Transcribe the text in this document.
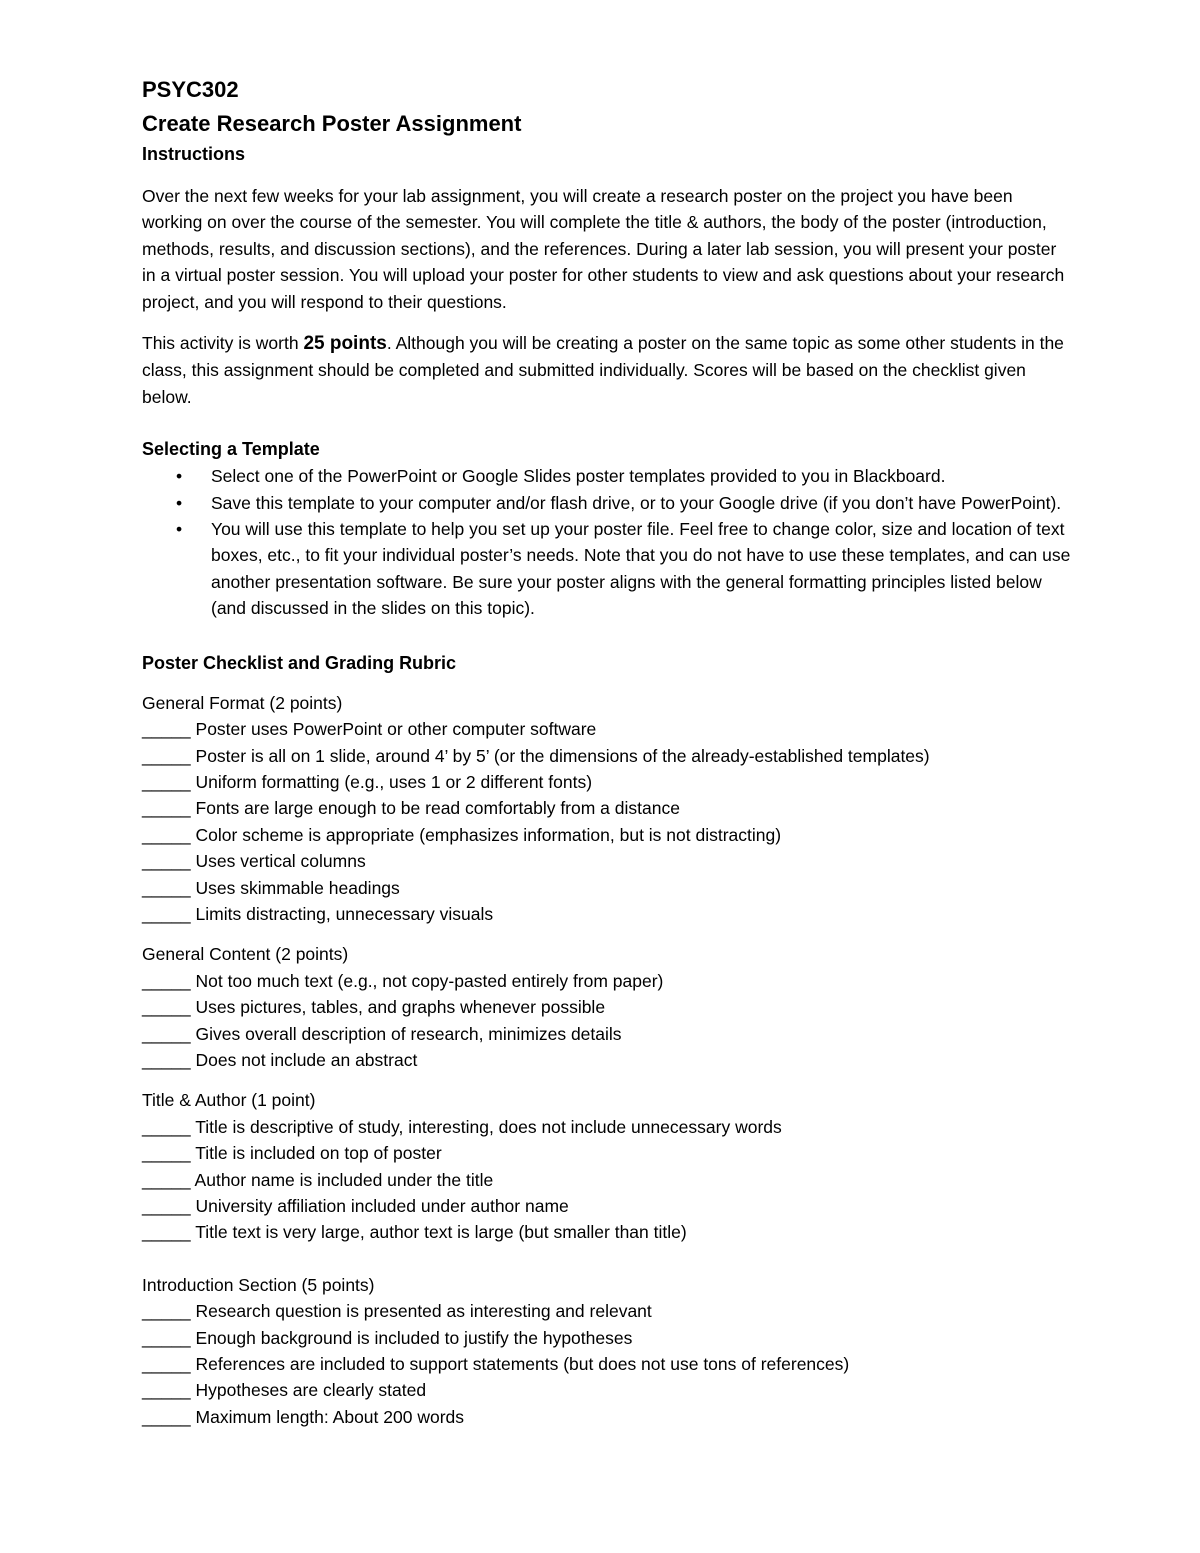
PSYC302
Create Research Poster Assignment
Instructions

Over the next few weeks for your lab assignment, you will create a research poster on the project you have been working on over the course of the semester. You will complete the title & authors, the body of the poster (introduction, methods, results, and discussion sections), and the references. During a later lab session, you will present your poster in a virtual poster session. You will upload your poster for other students to view and ask questions about your research project, and you will respond to their questions.

This activity is worth 25 points. Although you will be creating a poster on the same topic as some other students in the class, this assignment should be completed and submitted individually. Scores will be based on the checklist given below.

Selecting a Template
• Select one of the PowerPoint or Google Slides poster templates provided to you in Blackboard.
• Save this template to your computer and/or flash drive, or to your Google drive (if you don’t have PowerPoint).
• You will use this template to help you set up your poster file. Feel free to change color, size and location of text boxes, etc., to fit your individual poster’s needs. Note that you do not have to use these templates, and can use another presentation software. Be sure your poster aligns with the general formatting principles listed below (and discussed in the slides on this topic).
Poster Checklist and Grading Rubric

General Format (2 points)

_____ Poster uses PowerPoint or other computer software

_____ Poster is all on 1 slide, around 4’ by 5’ (or the dimensions of the already-established templates)

_____ Uniform formatting (e.g., uses 1 or 2 different fonts)

_____ Fonts are large enough to be read comfortably from a distance

_____ Color scheme is appropriate (emphasizes information, but is not distracting)

_____ Uses vertical columns

_____ Uses skimmable headings

_____ Limits distracting, unnecessary visuals

General Content (2 points)

_____ Not too much text (e.g., not copy-pasted entirely from paper)

_____ Uses pictures, tables, and graphs whenever possible

_____ Gives overall description of research, minimizes details

_____ Does not include an abstract

Title & Author (1 point)

_____ Title is descriptive of study, interesting, does not include unnecessary words

_____ Title is included on top of poster

_____ Author name is included under the title

_____ University affiliation included under author name

_____ Title text is very large, author text is large (but smaller than title)

Introduction Section (5 points)

_____ Research question is presented as interesting and relevant

_____ Enough background is included to justify the hypotheses

_____ References are included to support statements (but does not use tons of references)

_____ Hypotheses are clearly stated

_____ Maximum length: About 200 words
